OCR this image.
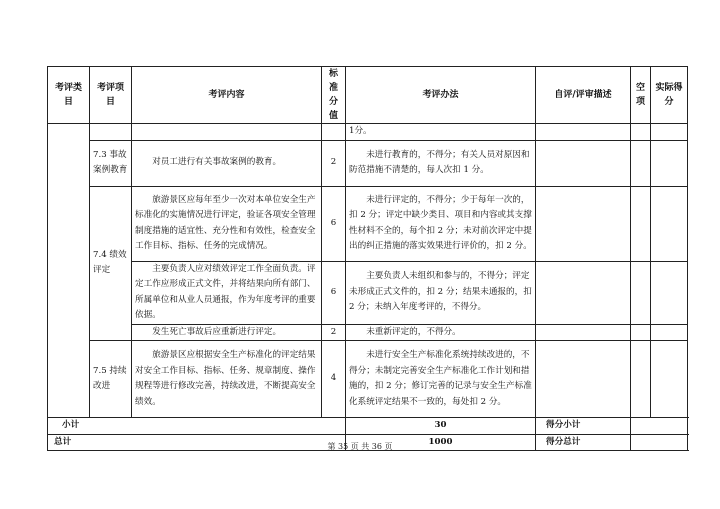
考评类目	考评项目	考评内容	标准分值	考评办法	自评/评审描述	空项	实际得分
				1分。			
	7.3 事故案例教育	对员工进行有关事故案例的教育。	2	未进行教育的，不得分；有关人员对原因和防范措施不清楚的，每人次扣 1 分。			
	7.4 绩效评定	旅游景区应每年至少一次对本单位安全生产标准化的实施情况进行评定，验证各项安全管理制度措施的适宜性、充分性和有效性，检查安全工作目标、指标、任务的完成情况。	6	未进行评定的，不得分；少于每年一次的，扣 2 分；评定中缺少类目、项目和内容或其支撑性材料不全的，每个扣 2 分；未对前次评定中提出的纠正措施的落实效果进行评价的，扣 2 分。			
		主要负责人应对绩效评定工作全面负责。评定工作应形成正式文件，并将结果向所有部门、所属单位和从业人员通报，作为年度考评的重要依据。	6	主要负责人未组织和参与的，不得分；评定未形成正式文件的，扣 2 分；结果未通报的，扣 2 分；未纳入年度考评的，不得分。			
		发生死亡事故后应重新进行评定。	2	未重新评定的，不得分。			
	7.5 持续改进	旅游景区应根据安全生产标准化的评定结果对安全工作目标、指标、任务、规章制度、操作规程等进行修改完善，持续改进，不断提高安全绩效。	4	未进行安全生产标准化系统持续改进的，不得分；未制定完善安全生产标准化工作计划和措施的，扣 2 分；修订完善的记录与安全生产标准化系统评定结果不一致的，每处扣 2 分。			

小计				30	得分小计		
总计				1000	得分总计		
第 35 页 共 36 页
